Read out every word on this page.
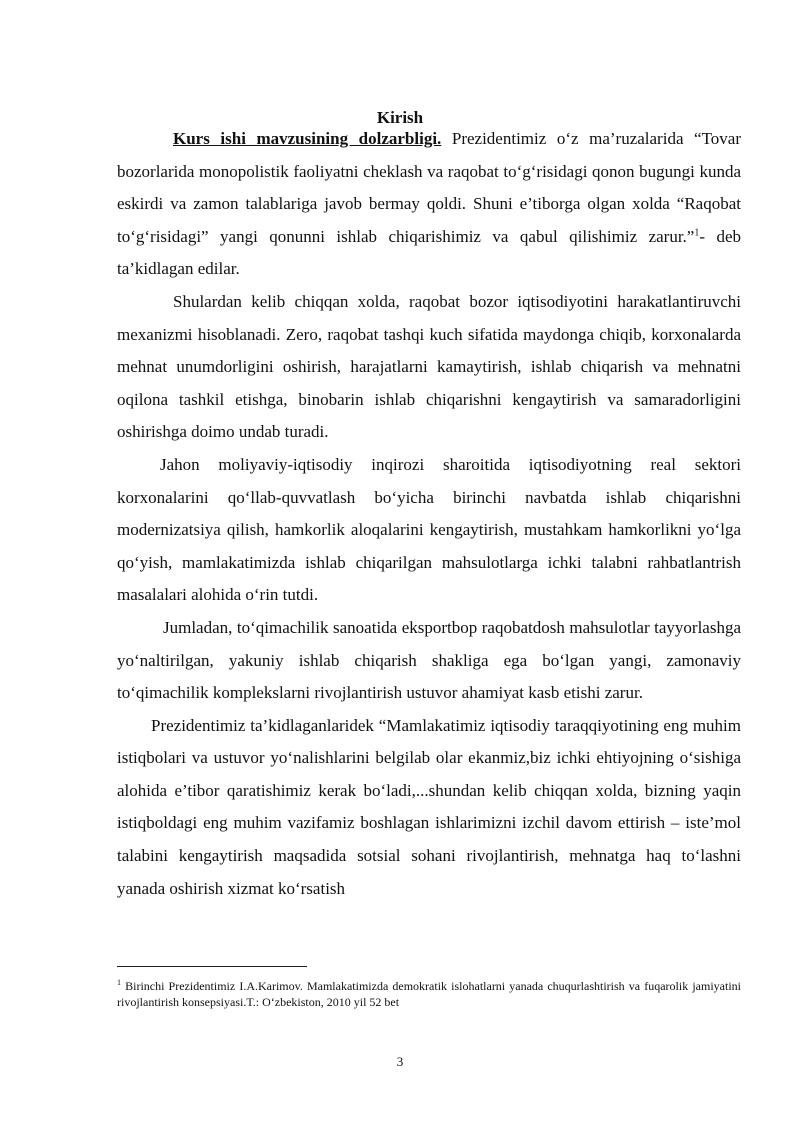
Kirish

Kurs ishi mavzusining dolzarbligi. Prezidentimiz o‘z ma’ruzalarida “Tovar bozorlarida monopolistik faoliyatni cheklash va raqobat to‘g‘risidagi qonon bugungi kunda eskirdi va zamon talablariga javob bermay qoldi. Shuni e’tiborga olgan xolda “Raqobat to‘g‘risidagi” yangi qonunni ishlab chiqarishimiz va qabul qilishimiz zarur.”$^1$- deb ta’kidlagan edilar.

Shulardan kelib chiqqan xolda, raqobat bozor iqtisodiyotini harakatlantiruvchi mexanizmi hisoblanadi. Zero, raqobat tashqi kuch sifatida maydonga chiqib, korxonalarda mehnat unumdorligini oshirish, harajatlarni kamaytirish, ishlab chiqarish va mehnatni oqilona tashkil etishga, binobarin ishlab chiqarishni kengaytirish va samaradorligini oshirishga doimo undab turadi.

Jahon moliyaviy-iqtisodiy inqirozi sharoitida iqtisodiyotning real sektori korxonalarini qo‘llab-quvvatlash bo‘yicha birinchi navbatda ishlab chiqarishni modernizatsiya qilish, hamkorlik aloqalarini kengaytirish, mustahkam hamkorlikni yo‘lga qo‘yish, mamlakatimizda ishlab chiqarilgan mahsulotlarga ichki talabni rahbatlantrish masalalari alohida o‘rin tutdi.

Jumladan, to‘qimachilik sanoatida eksportbop raqobatdosh mahsulotlar tayyorlashga yo‘naltirilgan, yakuniy ishlab chiqarish shakliga ega bo‘lgan yangi, zamonaviy to‘qimachilik komplekslarni rivojlantirish ustuvor ahamiyat kasb etishi zarur.

Prezidentimiz ta’kidlaganlaridek “Mamlakatimiz iqtisodiy taraqqiyotining eng muhim istiqbolari va ustuvor yo‘nalishlarini belgilab olar ekanmiz,biz ichki ehtiyojning o‘sishiga alohida e’tibor qaratishimiz kerak bo‘ladi,...shundan kelib chiqqan xolda, bizning yaqin istiqboldagi eng muhim vazifamiz boshlagan ishlarimizni izchil davom ettirish – iste’mol talabini kengaytirish maqsadida sotsial sohani rivojlantirish, mehnatga haq to‘lashni yanada oshirish xizmat ko‘rsatish

$^1$ Birinchi Prezidentimiz I.A.Karimov. Mamlakatimizda demokratik islohatlarni yanada chuqurlashtirish va fuqarolik jamiyatini rivojlantirish konsepsiyasi.T.: O‘zbekiston, 2010 yil 52 bet
3
